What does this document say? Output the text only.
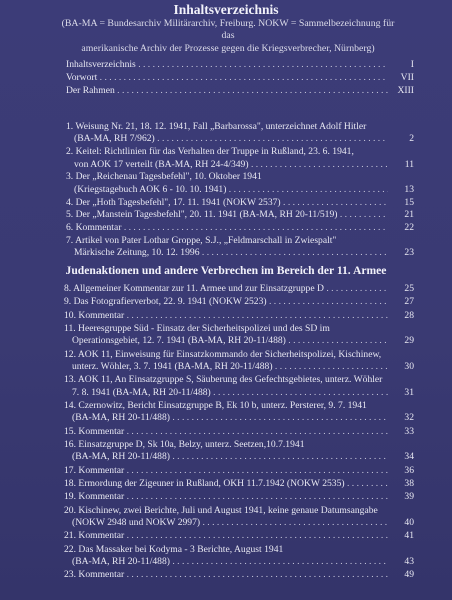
Inhaltsverzeichnis
(BA-MA = Bundesarchiv Militärarchiv, Freiburg. NOKW = Sammelbezeichnung für das
amerikanische Archiv der Prozesse gegen die Kriegsverbrecher, Nürnberg)
Inhaltsverzeichnis . . .	I
Vorwort . . .	VII
Der Rahmen . . .	XIII
1. Weisung Nr. 21, 18. 12. 1941, Fall „Barbarossa", unterzeichnet Adolf Hitler
(BA-MA, RH 7/962) . . .	2
2. Keitel: Richtlinien für das Verhalten der Truppe in Rußland, 23. 6. 1941,
von AOK 17 verteilt (BA-MA, RH 24-4/349) . . .	11
3. Der „Reichenau Tagesbefehl", 10. Oktober 1941
(Kriegstagebuch AOK 6 - 10. 10. 1941) . . .	13
4. Der „Hoth Tagesbefehl", 17. 11. 1941 (NOKW 2537) . . .	15
5. Der „Manstein Tagesbefehl", 20. 11. 1941 (BA-MA, RH 20-11/519) . . .	21
6. Kommentar . . .	22
7. Artikel von Pater Lothar Groppe, S.J., „Feldmarschall in Zwiespalt"
Märkische Zeitung, 10. 12. 1996 . . .	23
Judenaktionen und andere Verbrechen im Bereich der 11. Armee
8. Allgemeiner Kommentar zur 11. Armee und zur Einsatzgruppe D . . .	25
9. Das Fotografierverbot, 22. 9. 1941 (NOKW 2523) . . .	27
10. Kommentar . . .	28
11. Heeresgruppe Süd - Einsatz der Sicherheitspolizei und des SD im
Operationsgebiet, 12. 7. 1941 (BA-MA, RH 20-11/488) . . .	29
12. AOK 11, Einweisung für Einsatzkommando der Sicherheitspolizei, Kischinew,
unterz. Wöhler, 3. 7. 1941 (BA-MA, RH 20-11/488) . . .	30
13. AOK 11, An Einsatzgruppe S, Säuberung des Gefechtsgebietes, unterz. Wöhler
7. 8. 1941 (BA-MA, RH 20-11/488) . . .	31
14. Czernowitz, Bericht Einsatzgruppe B, Ek 10 b, unterz. Persterer, 9. 7. 1941
(BA-MA, RH 20-11/488) . . .	32
15. Kommentar . . .	33
16. Einsatzgruppe D, Sk 10a, Belzy, unterz. Seetzen,10.7.1941
(BA-MA, RH 20-11/488) . . .	34
17. Kommentar . . .	36
18. Ermordung der Zigeuner in Rußland, OKH 11.7.1942 (NOKW 2535) . . .	38
19. Kommentar . . .	39
20. Kischinew, zwei Berichte, Juli und August 1941, keine genaue Datumsangabe
(NOKW 2948 und NOKW 2997) . . .	40
21. Kommentar . . .	41
22. Das Massaker bei Kodyma - 3 Berichte, August 1941
(BA-MA, RH 20-11/488) . . .	43
23. Kommentar . . .	49
